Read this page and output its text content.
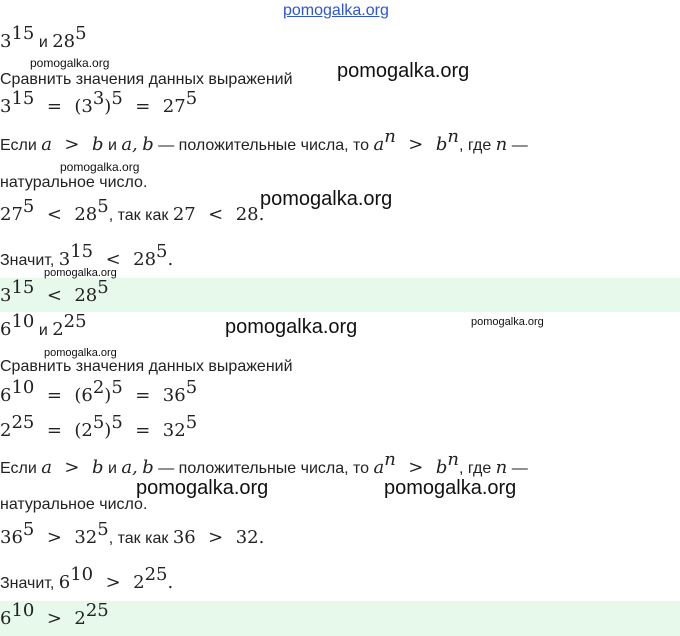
pomogalka.org
pomogalka.org	pomogalka.org
pomogalka.org
pomogalka.org
pomogalka.org
pomogalka.org	pomogalka.org
pomogalka.org
pomogalka.org	pomogalka.org
$3^{15}$ и $28^5$
Сравнить значения данных выражений
$3^{15} = (3^3)^5 = 27^5$
Если a > b и a, b — положительные числа, то $a^n > b^n$, где n —
натуральное число.
$27^5 < 28^5$, так как 27 < 28.
Значит, $3^{15} < 28^5$.
$3^{15} < 28^5$
$6^{10}$ и $2^{25}$
Сравнить значения данных выражений
$6^{10} = (6^2)^5 = 36^5$
$2^{25} = (2^5)^5 = 32^5$
Если a > b и a, b — положительные числа, то $a^n > b^n$, где n —
натуральное число.
$36^5 > 32^5$, так как 36 > 32.
Значит, $6^{10} > 2^{25}$.
$6^{10} > 2^{25}$
